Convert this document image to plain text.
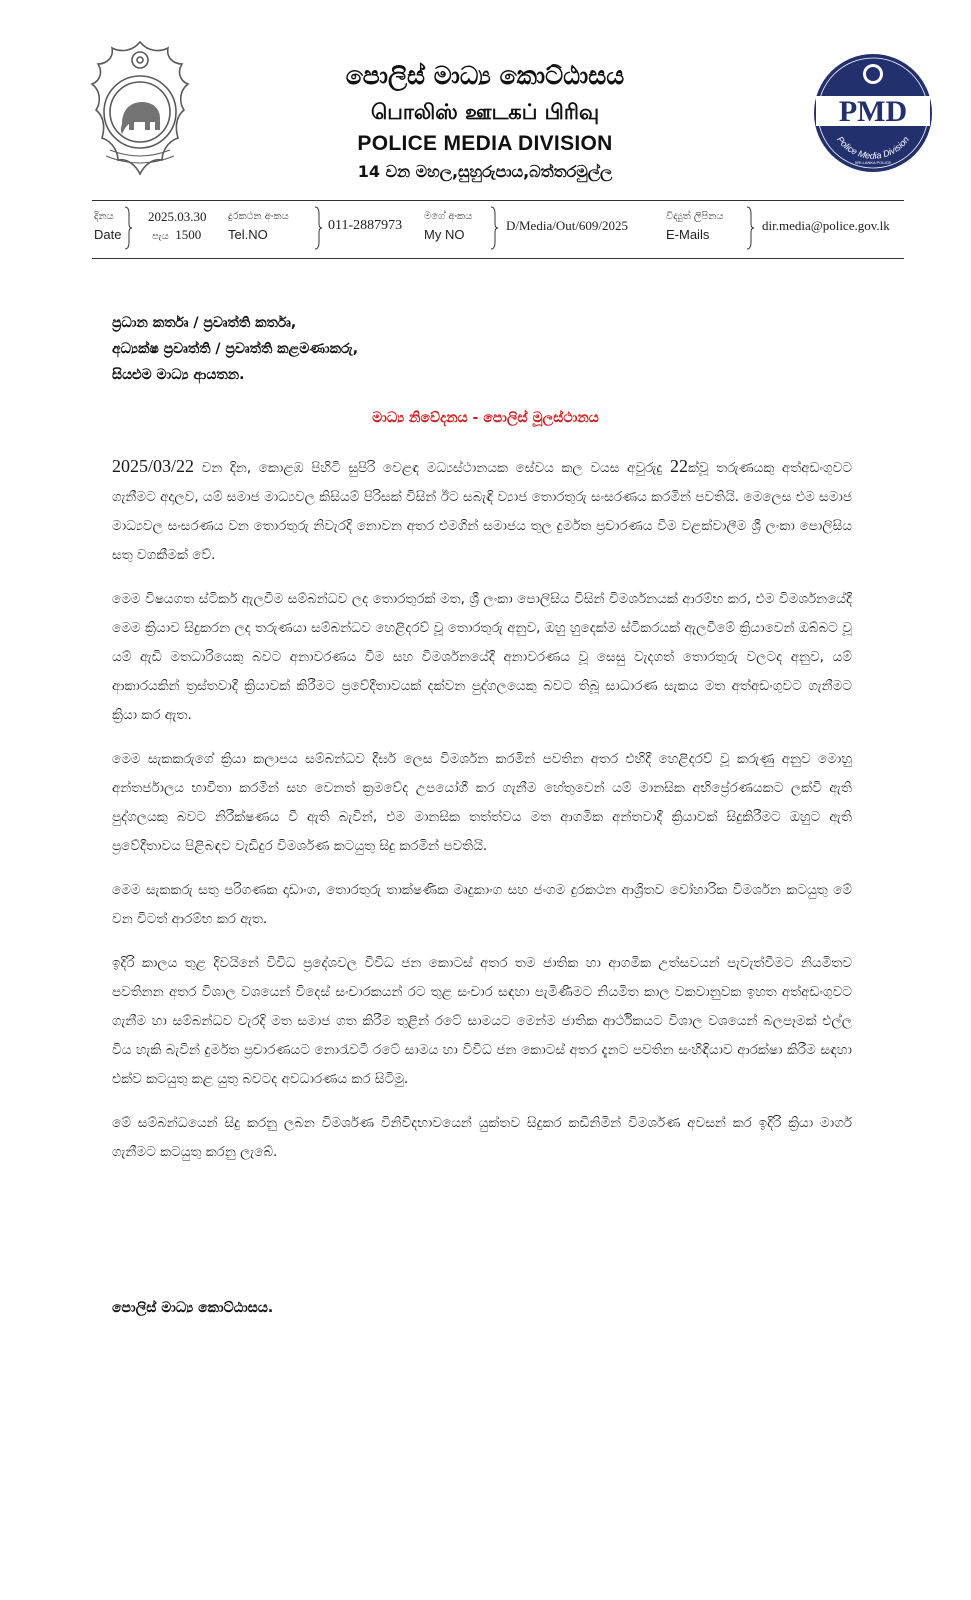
පොලිස් මාධ්‍ය කොට්ඨාසය
பொலிஸ் ஊடகப் பிரிவு
POLICE MEDIA DIVISION
14 වන මහල,සුහුරුපාය,බත්තරමුල්ල
PMD
Police Media Division
SRI LANKA POLICE
දිනය
Date
2025.03.30
පැය 1500
දුරකථන අංකය
Tel.NO
011-2887973
මගේ අංකය
My NO
D/Media/Out/609/2025
විද්‍යුත් ලිපිනය
E-Mails
dir.media@police.gov.lk
ප්‍රධාන කර්තෘ / ප්‍රවෘත්ති කර්තෘ,
අධ්‍යක්ෂ ප්‍රවෘත්ති / ප්‍රවෘත්ති කළමණාකරු,
සියළුම මාධ්‍ය ආයතන.
මාධ්‍ය නිවේදනය - පොලිස් මූලස්ථානය

2025/03/22 වන දින, කොළඹ පිහිටි සුපිරි වෙළඳ මධ්‍යස්ථානයක සේවය කල වයස අවුරුදු 22ක්වූ තරුණයකු අත්අඩංගුවට ගැනීමට අදාලව, යම් සමාජ මාධ්‍යවල කිසියම් පිරිසක් විසින් ඊට සබැඳි ව්‍යාජ තොරතුරු සංසරණය කරමින් පවතියි. මෙලෙස එම සමාජ මාධ්‍යවල සංසරණය වන තොරතුරු නිවැරදි නොවන අතර එමගින් සමාජය තුල දුර්මත ප්‍රචාරණය වීම වළක්වාලීම ශ්‍රී ලංකා පොලිසිය සතු වගකීමක් වේ.

මෙම විෂයගත ස්ටිකර් ඇලවීම සම්බන්ධව ලද තොරතුරක් මත, ශ්‍රී ලංකා පොලිසිය විසින් විමර්ශනයක් ආරම්භ කර, එම විමර්ශනයේදී මෙම ක්‍රියාව සිදුකරන ලද තරුණයා සම්බන්ධව හෙළිදරව් වූ තොරතුරු අනුව, ඔහු හුදෙක්ම ස්ටිකරයක් ඇලවීමේ ක්‍රියාවෙන් ඔබ්බට වූ යම් ඇඩි මතධාරියෙකු බවට අනාවරණය වීම සහ විමර්ශනයේදී අනාවරණය වූ සෙසු වැදගත් තොරතුරු වලටද අනුව, යම් ආකාරයකින් ත්‍රස්තවාදී ක්‍රියාවක් කිරීමට ප්‍රවේදීතාවයක් දක්වන පුද්ගලයෙකු බවට තිබූ සාධාරණ සැකය මත අත්අඩංගුවට ගැනීමට ක්‍රියා කර ඇත.

මෙම සැකකරුගේ ක්‍රියා කලාපය සම්බන්ධව දීර්ඝ ලෙස විමර්ශන කරමින් පවතින අතර එහිදී හෙළිදරව් වූ කරුණු අනුව මොහු අන්තර්ජාලය භාවිතා කරමින් සහ වෙනත් ක්‍රමවේද උපයෝගී කර ගැනීම හේතුවෙන් යම් මානසික අභිප්‍රේරණයකට ලක්වී ඇති පුද්ගලයකු බවට නිරීක්ෂණය වී ඇති බැවින්, එම මානසික තත්ත්වය මත ආගමික අන්තවාදී ක්‍රියාවක් සිදුකිරීමට ඔහුට ඇති ප්‍රවේදීතාවය පිළිබඳව වැඩිදුර විමර්ශණ කටයුතු සිදු කරමින් පවතියි.

මෙම සැකකරු සතු පරිගණක දෘඩාංග, තොරතුරු තාක්ෂණික මෘදුකාංග සහ ජංගම දුරකථන ආශ්‍රිතව වෝහාරික විමර්ශන කටයුතු මේ වන විටත් ආරම්භ කර ඇත.

ඉදිරි කාලය තුළ දිවයිනේ විවිධ ප්‍රදේශවල විවිධ ජන කොටස් අතර තම ජාතික හා ආගමික උත්සවයන් පැවැත්වීමට නියමිතව පවතිනන අතර විශාල වශයෙන් විදෙස් සංචාරකයන් රට තුළ සංචාර සඳහා පැමිණීමට නියමිත කාල වකවානුවක ඉහත අත්අඩංගුවට ගැනීම හා සම්බන්ධව වැරදි මත සමාජ ගත කිරීම තුළින් රටේ සාමයට මෙන්ම ජාතික ආර්ථිකයට විශාල වශයෙන් බලපෑමක් එල්ල විය හැකි බැවින් දුර්මත ප්‍රචාරණයට නොරැවටී රටේ සාමය හා විවිධ ජන කොටස් අතර දැනට පවතින සංහිඳියාව ආරක්ෂා කිරීම සඳහා එක්ව කටයුතු කළ යුතු බවටද අවධාරණය කර සිටිමු.

මේ සම්බන්ධයෙන් සිදු කරනු ලබන විමර්ශණ විනිවිදභාවයෙන් යුක්තව සිදුකර කඩිනිමින් විමර්ශණ අවසන් කර ඉදිරි ක්‍රියා මාර්ග ගැනීමට කටයුතු කරනු ලැබේ.

පොලිස් මාධ්‍ය කොට්ඨාසය.
